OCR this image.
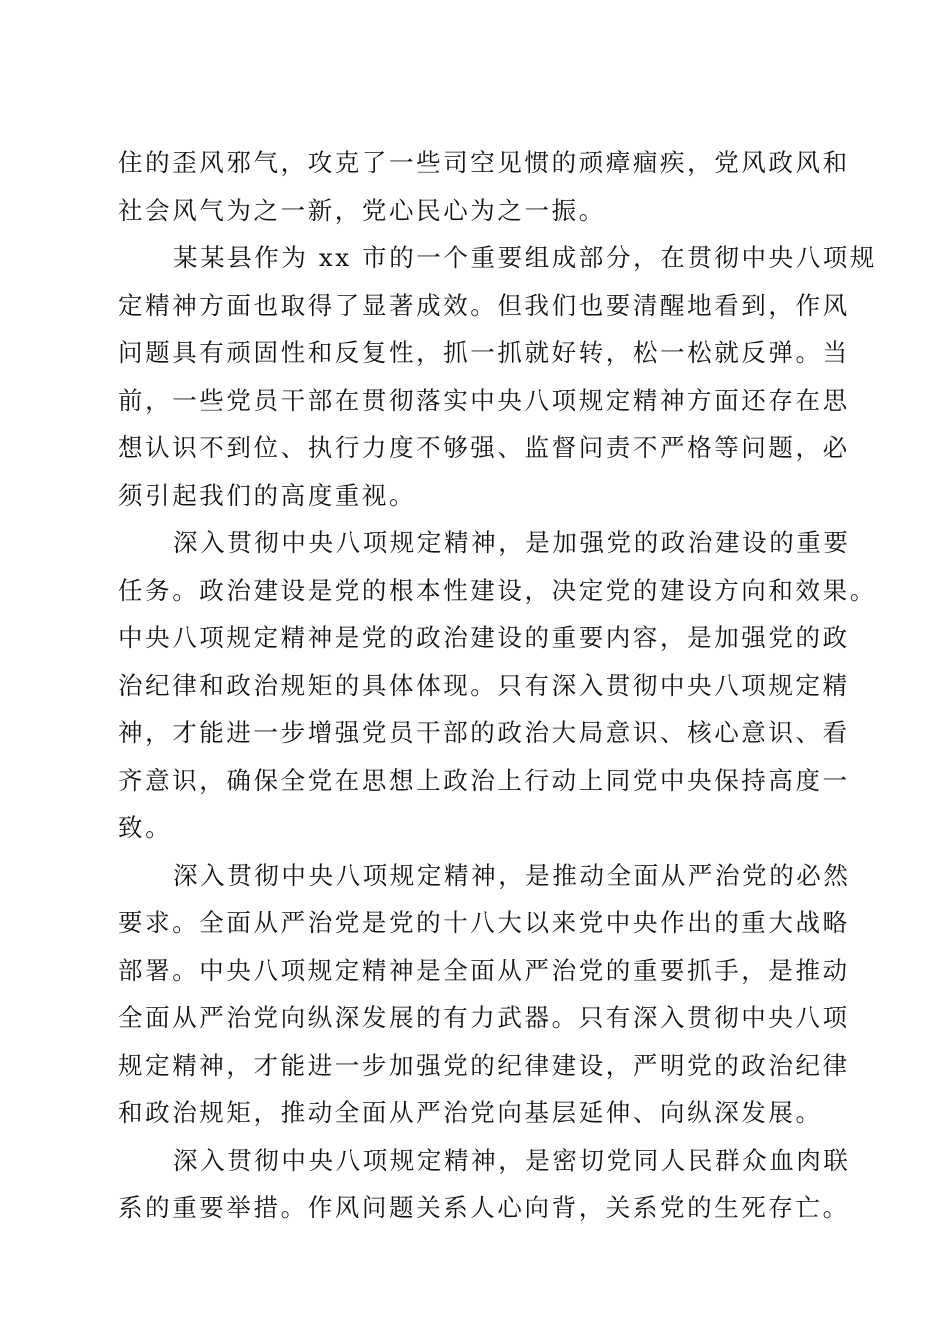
住的歪风邪气，攻克了一些司空见惯的顽瘴痼疾，党风政风和
社会风气为之一新，党心民心为之一振。
某某县作为 xx 市的一个重要组成部分，在贯彻中央八项规
定精神方面也取得了显著成效。但我们也要清醒地看到，作风
问题具有顽固性和反复性，抓一抓就好转，松一松就反弹。当
前，一些党员干部在贯彻落实中央八项规定精神方面还存在思
想认识不到位、执行力度不够强、监督问责不严格等问题，必
须引起我们的高度重视。
深入贯彻中央八项规定精神，是加强党的政治建设的重要
任务。政治建设是党的根本性建设，决定党的建设方向和效果。
中央八项规定精神是党的政治建设的重要内容，是加强党的政
治纪律和政治规矩的具体体现。只有深入贯彻中央八项规定精
神，才能进一步增强党员干部的政治大局意识、核心意识、看
齐意识，确保全党在思想上政治上行动上同党中央保持高度一
致。
深入贯彻中央八项规定精神，是推动全面从严治党的必然
要求。全面从严治党是党的十八大以来党中央作出的重大战略
部署。中央八项规定精神是全面从严治党的重要抓手，是推动
全面从严治党向纵深发展的有力武器。只有深入贯彻中央八项
规定精神，才能进一步加强党的纪律建设，严明党的政治纪律
和政治规矩，推动全面从严治党向基层延伸、向纵深发展。
深入贯彻中央八项规定精神，是密切党同人民群众血肉联
系的重要举措。作风问题关系人心向背，关系党的生死存亡。
